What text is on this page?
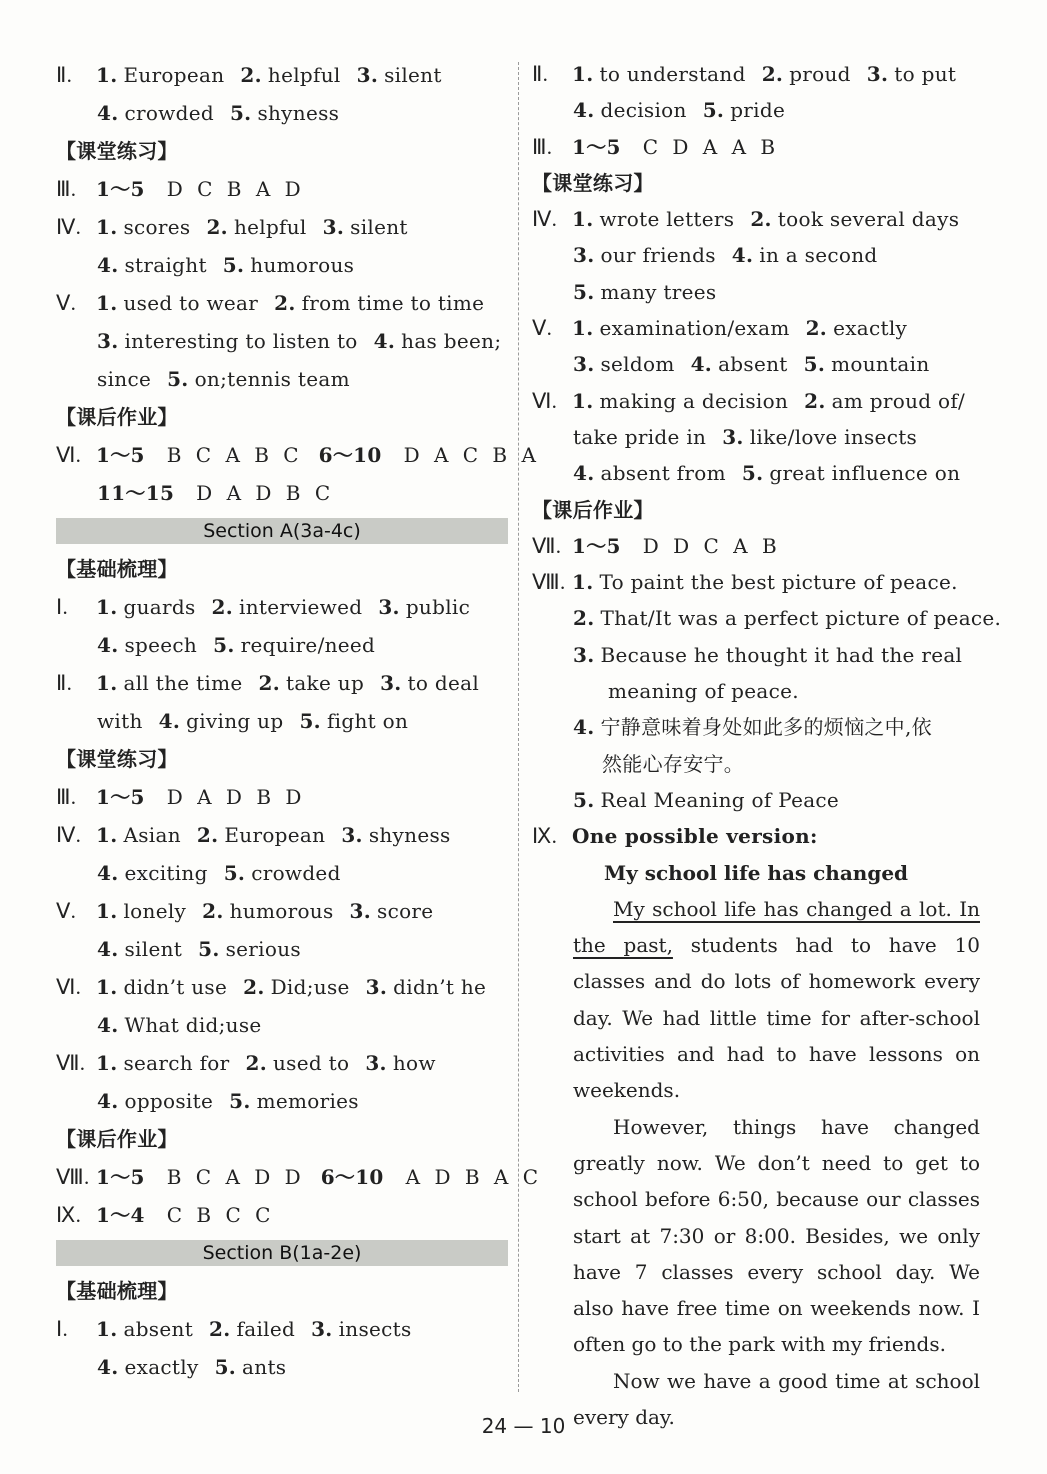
Ⅱ. 1. European 2. helpful 3. silent
4. crowded 5. shyness
【课堂练习】
Ⅲ. 1～5 D C B A D
Ⅳ. 1. scores 2. helpful 3. silent
4. straight 5. humorous
Ⅴ. 1. used to wear 2. from time to time
3. interesting to listen to 4. has been;
since 5. on;tennis team
【课后作业】
Ⅵ. 1～5 B C A B C 6～10 D A C B A
11～15 D A D B C
Section A(3a-4c)
【基础梳理】
Ⅰ. 1. guards 2. interviewed 3. public
4. speech 5. require/need
Ⅱ. 1. all the time 2. take up 3. to deal
with 4. giving up 5. fight on
【课堂练习】
Ⅲ. 1～5 D A D B D
Ⅳ. 1. Asian 2. European 3. shyness
4. exciting 5. crowded
Ⅴ. 1. lonely 2. humorous 3. score
4. silent 5. serious
Ⅵ. 1. didn’t use 2. Did;use 3. didn’t he
4. What did;use
Ⅶ. 1. search for 2. used to 3. how
4. opposite 5. memories
【课后作业】
Ⅷ. 1～5 B C A D D 6～10 A D B A C
Ⅸ. 1～4 C B C C
Section B(1a-2e)
【基础梳理】
Ⅰ. 1. absent 2. failed 3. insects
4. exactly 5. ants
Ⅱ. 1. to understand 2. proud 3. to put
4. decision 5. pride
Ⅲ. 1～5 C D A A B
【课堂练习】
Ⅳ. 1. wrote letters 2. took several days
3. our friends 4. in a second
5. many trees
Ⅴ. 1. examination/exam 2. exactly
3. seldom 4. absent 5. mountain
Ⅵ. 1. making a decision 2. am proud of/
take pride in 3. like/love insects
4. absent from 5. great influence on
【课后作业】
Ⅶ. 1～5 D D C A B
Ⅷ. 1. To paint the best picture of peace.
2. That/It was a perfect picture of peace.
3. Because he thought it had the real
meaning of peace.
4. 宁静意味着身处如此多的烦恼之中,依
然能心存安宁。
5. Real Meaning of Peace
Ⅸ. One possible version:
My school life has changed

My school life has changed a lot. In the past, students had to have 10 classes and do lots of homework every day. We had little time for after-school activities and had to have lessons on weekends.

However, things have changed greatly now. We don’t need to get to school before 6:50, because our classes start at 7:30 or 8:00. Besides, we only have 7 classes every school day. We also have free time on weekends now. I often go to the park with my friends.

Now we have a good time at school every day.

24 — 10
